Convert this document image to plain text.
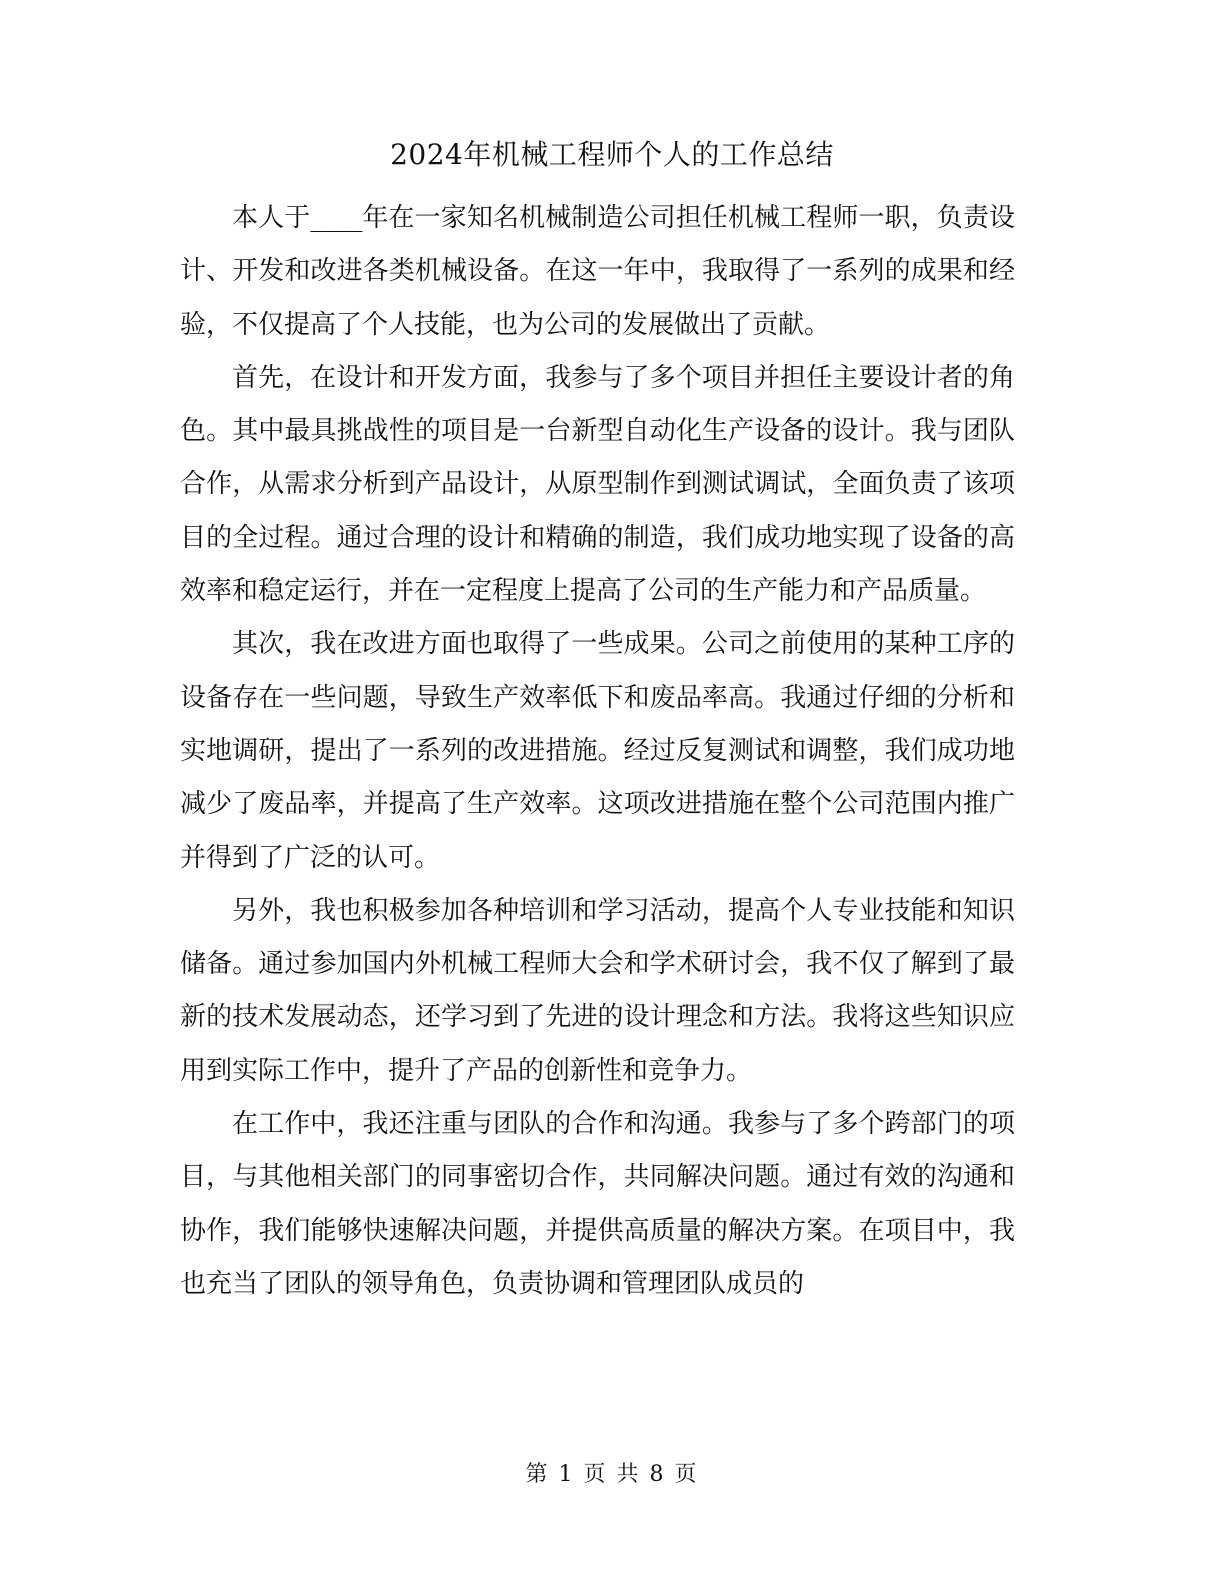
2024年机械工程师个人的工作总结

本人于____年在一家知名机械制造公司担任机械工程师一职，负责设计、开发和改进各类机械设备。在这一年中，我取得了一系列的成果和经验，不仅提高了个人技能，也为公司的发展做出了贡献。

首先，在设计和开发方面，我参与了多个项目并担任主要设计者的角色。其中最具挑战性的项目是一台新型自动化生产设备的设计。我与团队合作，从需求分析到产品设计，从原型制作到测试调试，全面负责了该项目的全过程。通过合理的设计和精确的制造，我们成功地实现了设备的高效率和稳定运行，并在一定程度上提高了公司的生产能力和产品质量。

其次，我在改进方面也取得了一些成果。公司之前使用的某种工序的设备存在一些问题，导致生产效率低下和废品率高。我通过仔细的分析和实地调研，提出了一系列的改进措施。经过反复测试和调整，我们成功地减少了废品率，并提高了生产效率。这项改进措施在整个公司范围内推广并得到了广泛的认可。

另外，我也积极参加各种培训和学习活动，提高个人专业技能和知识储备。通过参加国内外机械工程师大会和学术研讨会，我不仅了解到了最新的技术发展动态，还学习到了先进的设计理念和方法。我将这些知识应用到实际工作中，提升了产品的创新性和竞争力。

在工作中，我还注重与团队的合作和沟通。我参与了多个跨部门的项目，与其他相关部门的同事密切合作，共同解决问题。通过有效的沟通和协作，我们能够快速解决问题，并提供高质量的解决方案。在项目中，我也充当了团队的领导角色，负责协调和管理团队成员的

第 1 页 共 8 页
